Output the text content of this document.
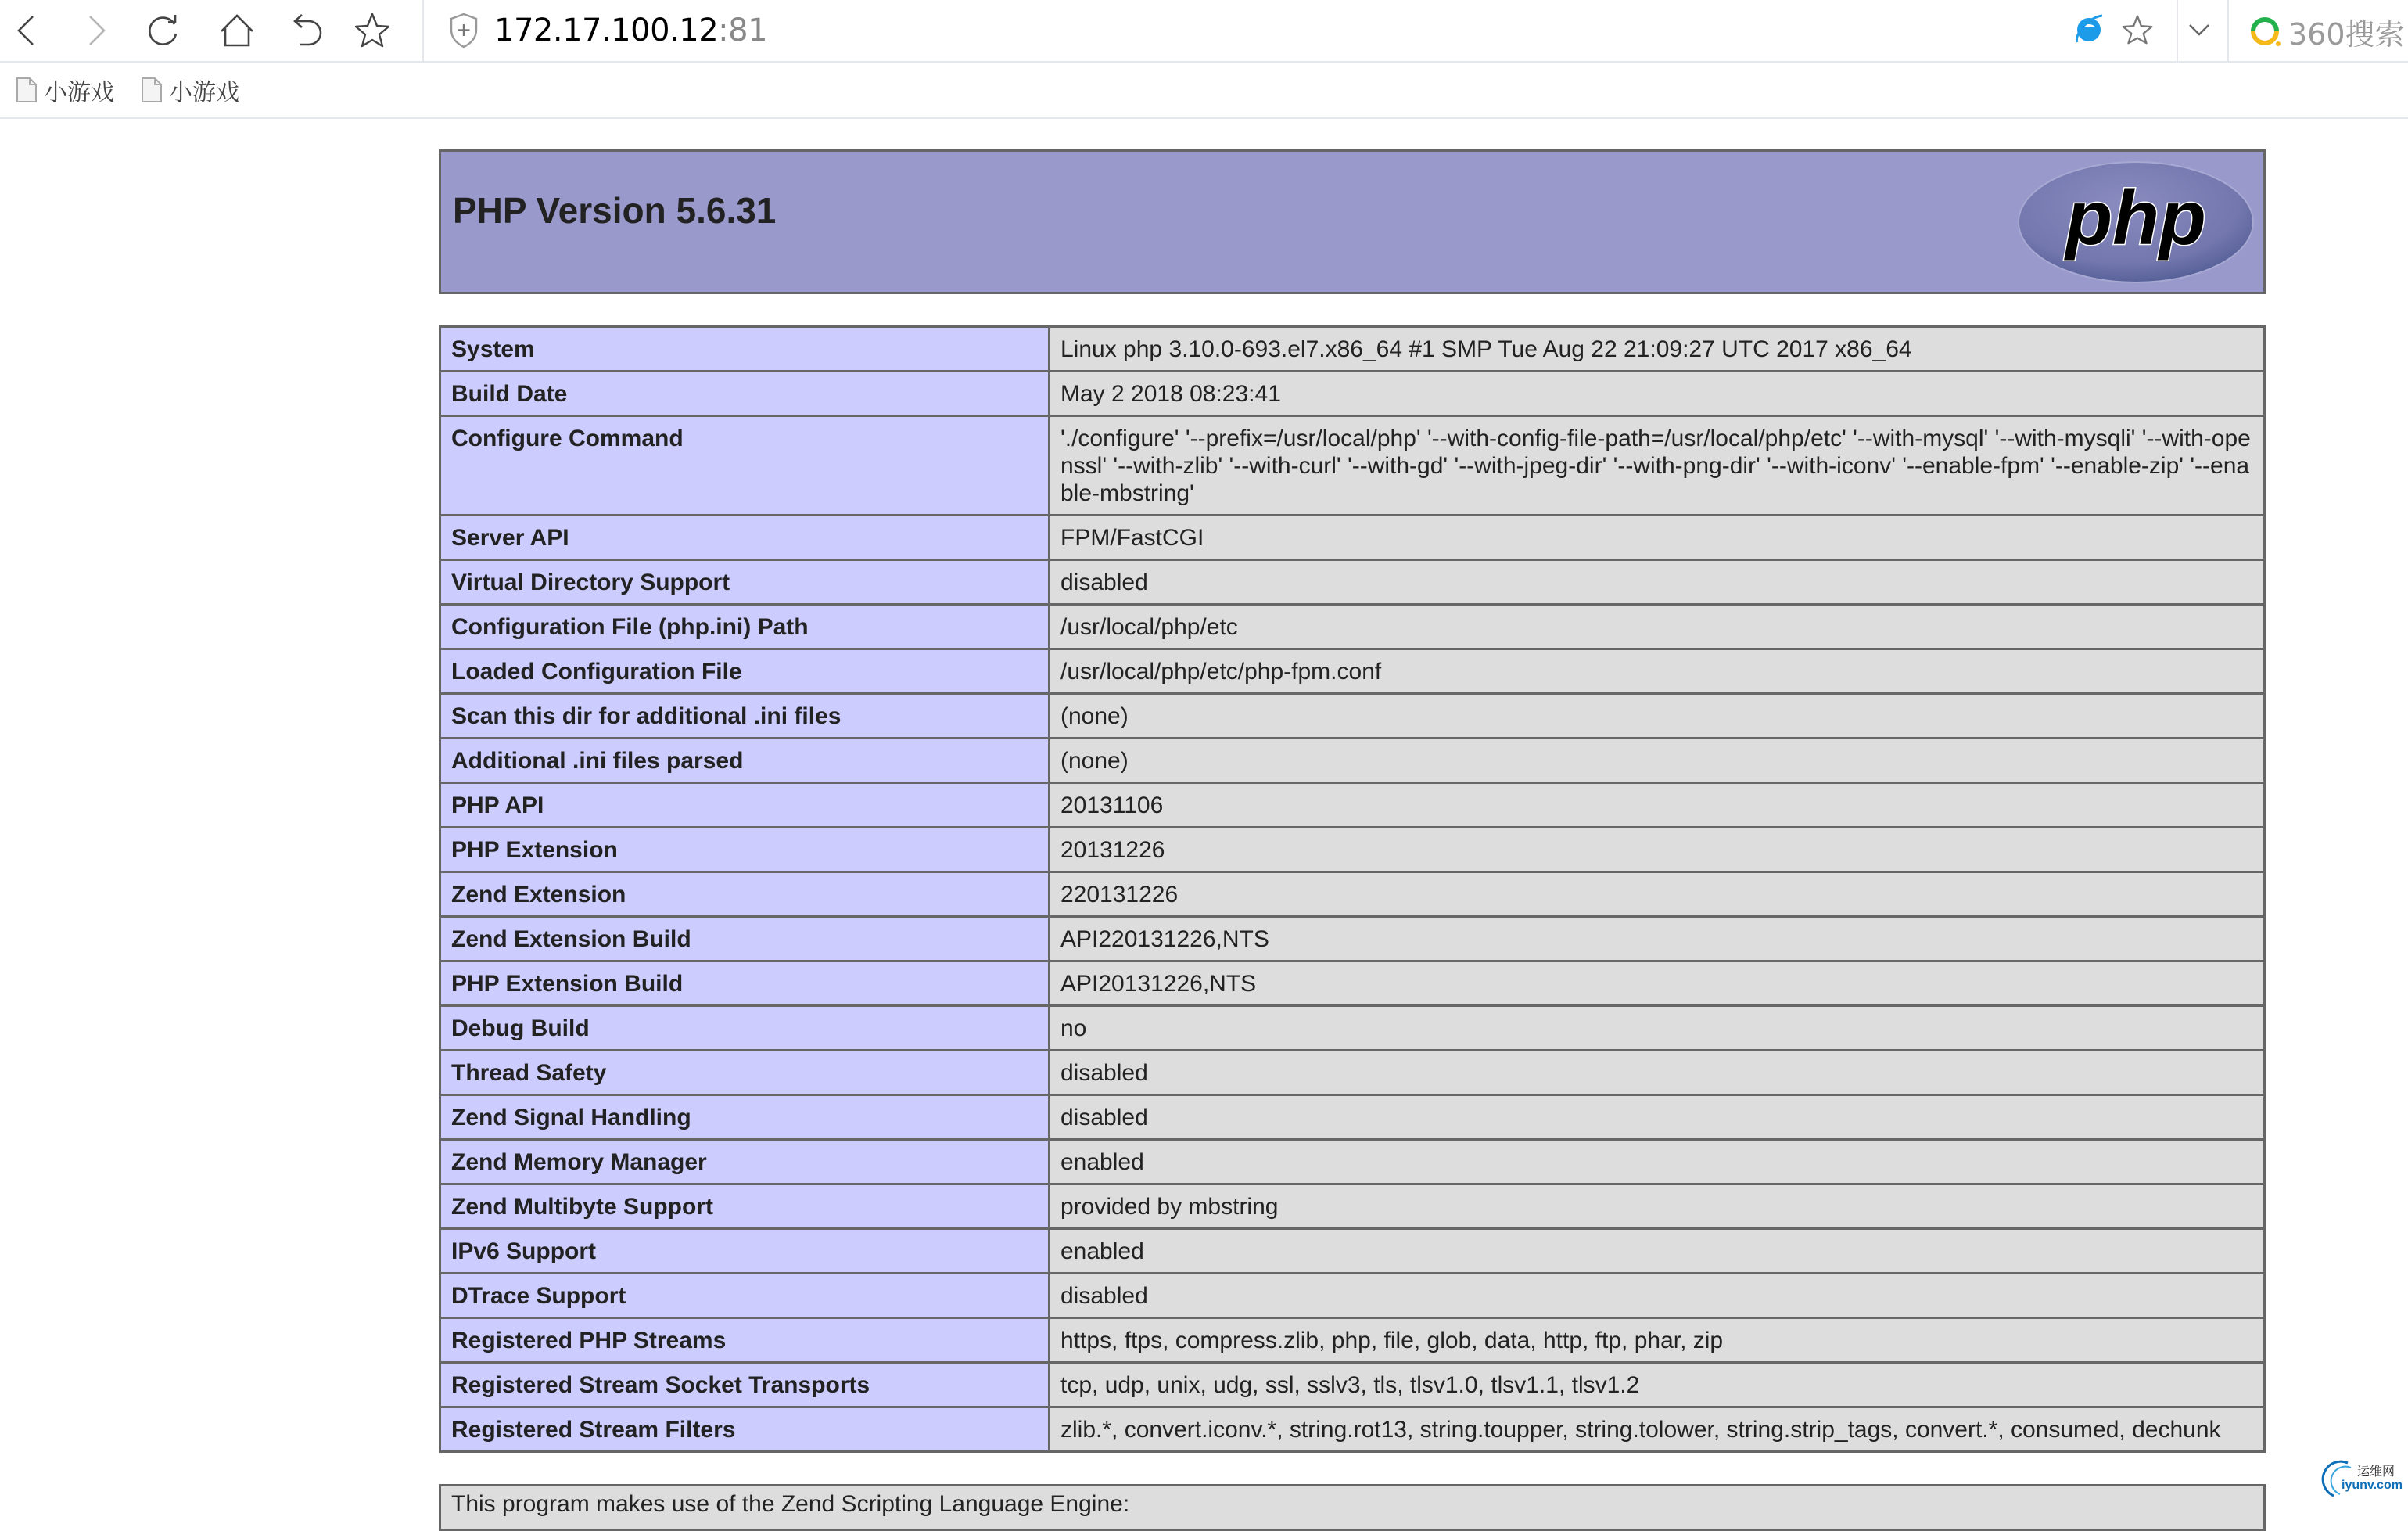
172.17.100.12:81	360搜索
小游戏 小游戏
PHP Version 5.6.31	php
System	Linux php 3.10.0-693.el7.x86_64 #1 SMP Tue Aug 22 21:09:27 UTC 2017 x86_64
Build Date	May 2 2018 08:23:41
Configure Command	'./configure' '--prefix=/usr/local/php' '--with-config-file-path=/usr/local/php/etc' '--with-mysql' '--with-mysqli' '--with-openssl' '--with-zlib' '--with-curl' '--with-gd' '--with-jpeg-dir' '--with-png-dir' '--with-iconv' '--enable-fpm' '--enable-zip' '--enable-mbstring'
Server API	FPM/FastCGI
Virtual Directory Support	disabled
Configuration File (php.ini) Path	/usr/local/php/etc
Loaded Configuration File	/usr/local/php/etc/php-fpm.conf
Scan this dir for additional .ini files	(none)
Additional .ini files parsed	(none)
PHP API	20131106
PHP Extension	20131226
Zend Extension	220131226
Zend Extension Build	API220131226,NTS
PHP Extension Build	API20131226,NTS
Debug Build	no
Thread Safety	disabled
Zend Signal Handling	disabled
Zend Memory Manager	enabled
Zend Multibyte Support	provided by mbstring
IPv6 Support	enabled
DTrace Support	disabled
Registered PHP Streams	https, ftps, compress.zlib, php, file, glob, data, http, ftp, phar, zip
Registered Stream Socket Transports	tcp, udp, unix, udg, ssl, sslv3, tls, tlsv1.0, tlsv1.1, tlsv1.2
Registered Stream Filters	zlib.*, convert.iconv.*, string.rot13, string.toupper, string.tolower, string.strip_tags, convert.*, consumed, dechunk

This program makes use of the Zend Scripting Language Engine:

运维网
iyunv.com
